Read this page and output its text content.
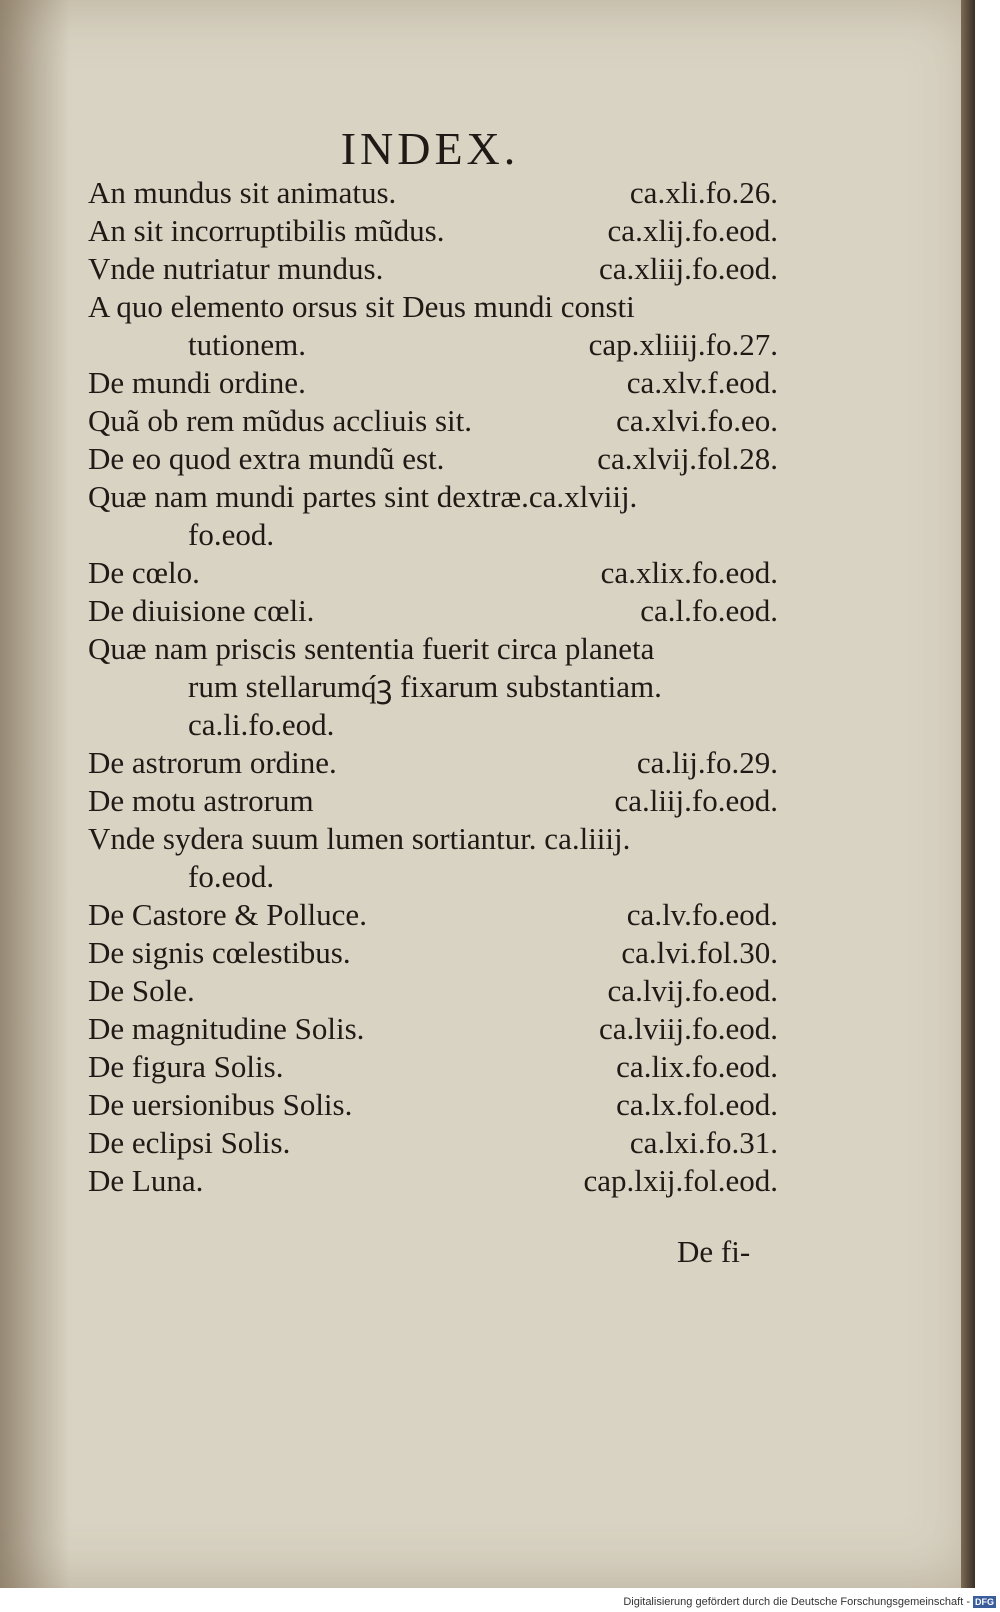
INDEX.
An mundus sit animatus.	ca.xli.fo.26.
An sit incorruptibilis mũdus.	ca.xlij.fo.eod.
Vnde nutriatur mundus.	ca.xliij.fo.eod.
A quo elemento orsus sit Deus mundi consti
tutionem.	cap.xliiij.fo.27.
De mundi ordine.	ca.xlv.f.eod.
Quã ob rem mũdus accliuis sit.	ca.xlvi.fo.eo.
De eo quod extra mundũ est.	ca.xlvij.fol.28.
Quæ nam mundi partes sint dextræ.ca.xlviij.
fo.eod.
De cœlo.	ca.xlix.fo.eod.
De diuisione cœli.	ca.l.fo.eod.
Quæ nam priscis sententia fuerit circa planeta
rum stellarumq́ꝫ fixarum substantiam.
ca.li.fo.eod.
De astrorum ordine.	ca.lij.fo.29.
De motu astrorum	ca.liij.fo.eod.
Vnde sydera suum lumen sortiantur. ca.liiij.
fo.eod.
De Castore & Polluce.	ca.lv.fo.eod.
De signis cœlestibus.	ca.lvi.fol.30.
De Sole.	ca.lvij.fo.eod.
De magnitudine Solis.	ca.lviij.fo.eod.
De figura Solis.	ca.lix.fo.eod.
De uersionibus Solis.	ca.lx.fol.eod.
De eclipsi Solis.	ca.lxi.fo.31.
De Luna.	cap.lxij.fol.eod.
De fi-
Digitalisierung gefördert durch die Deutsche Forschungsgemeinschaft - DFG
